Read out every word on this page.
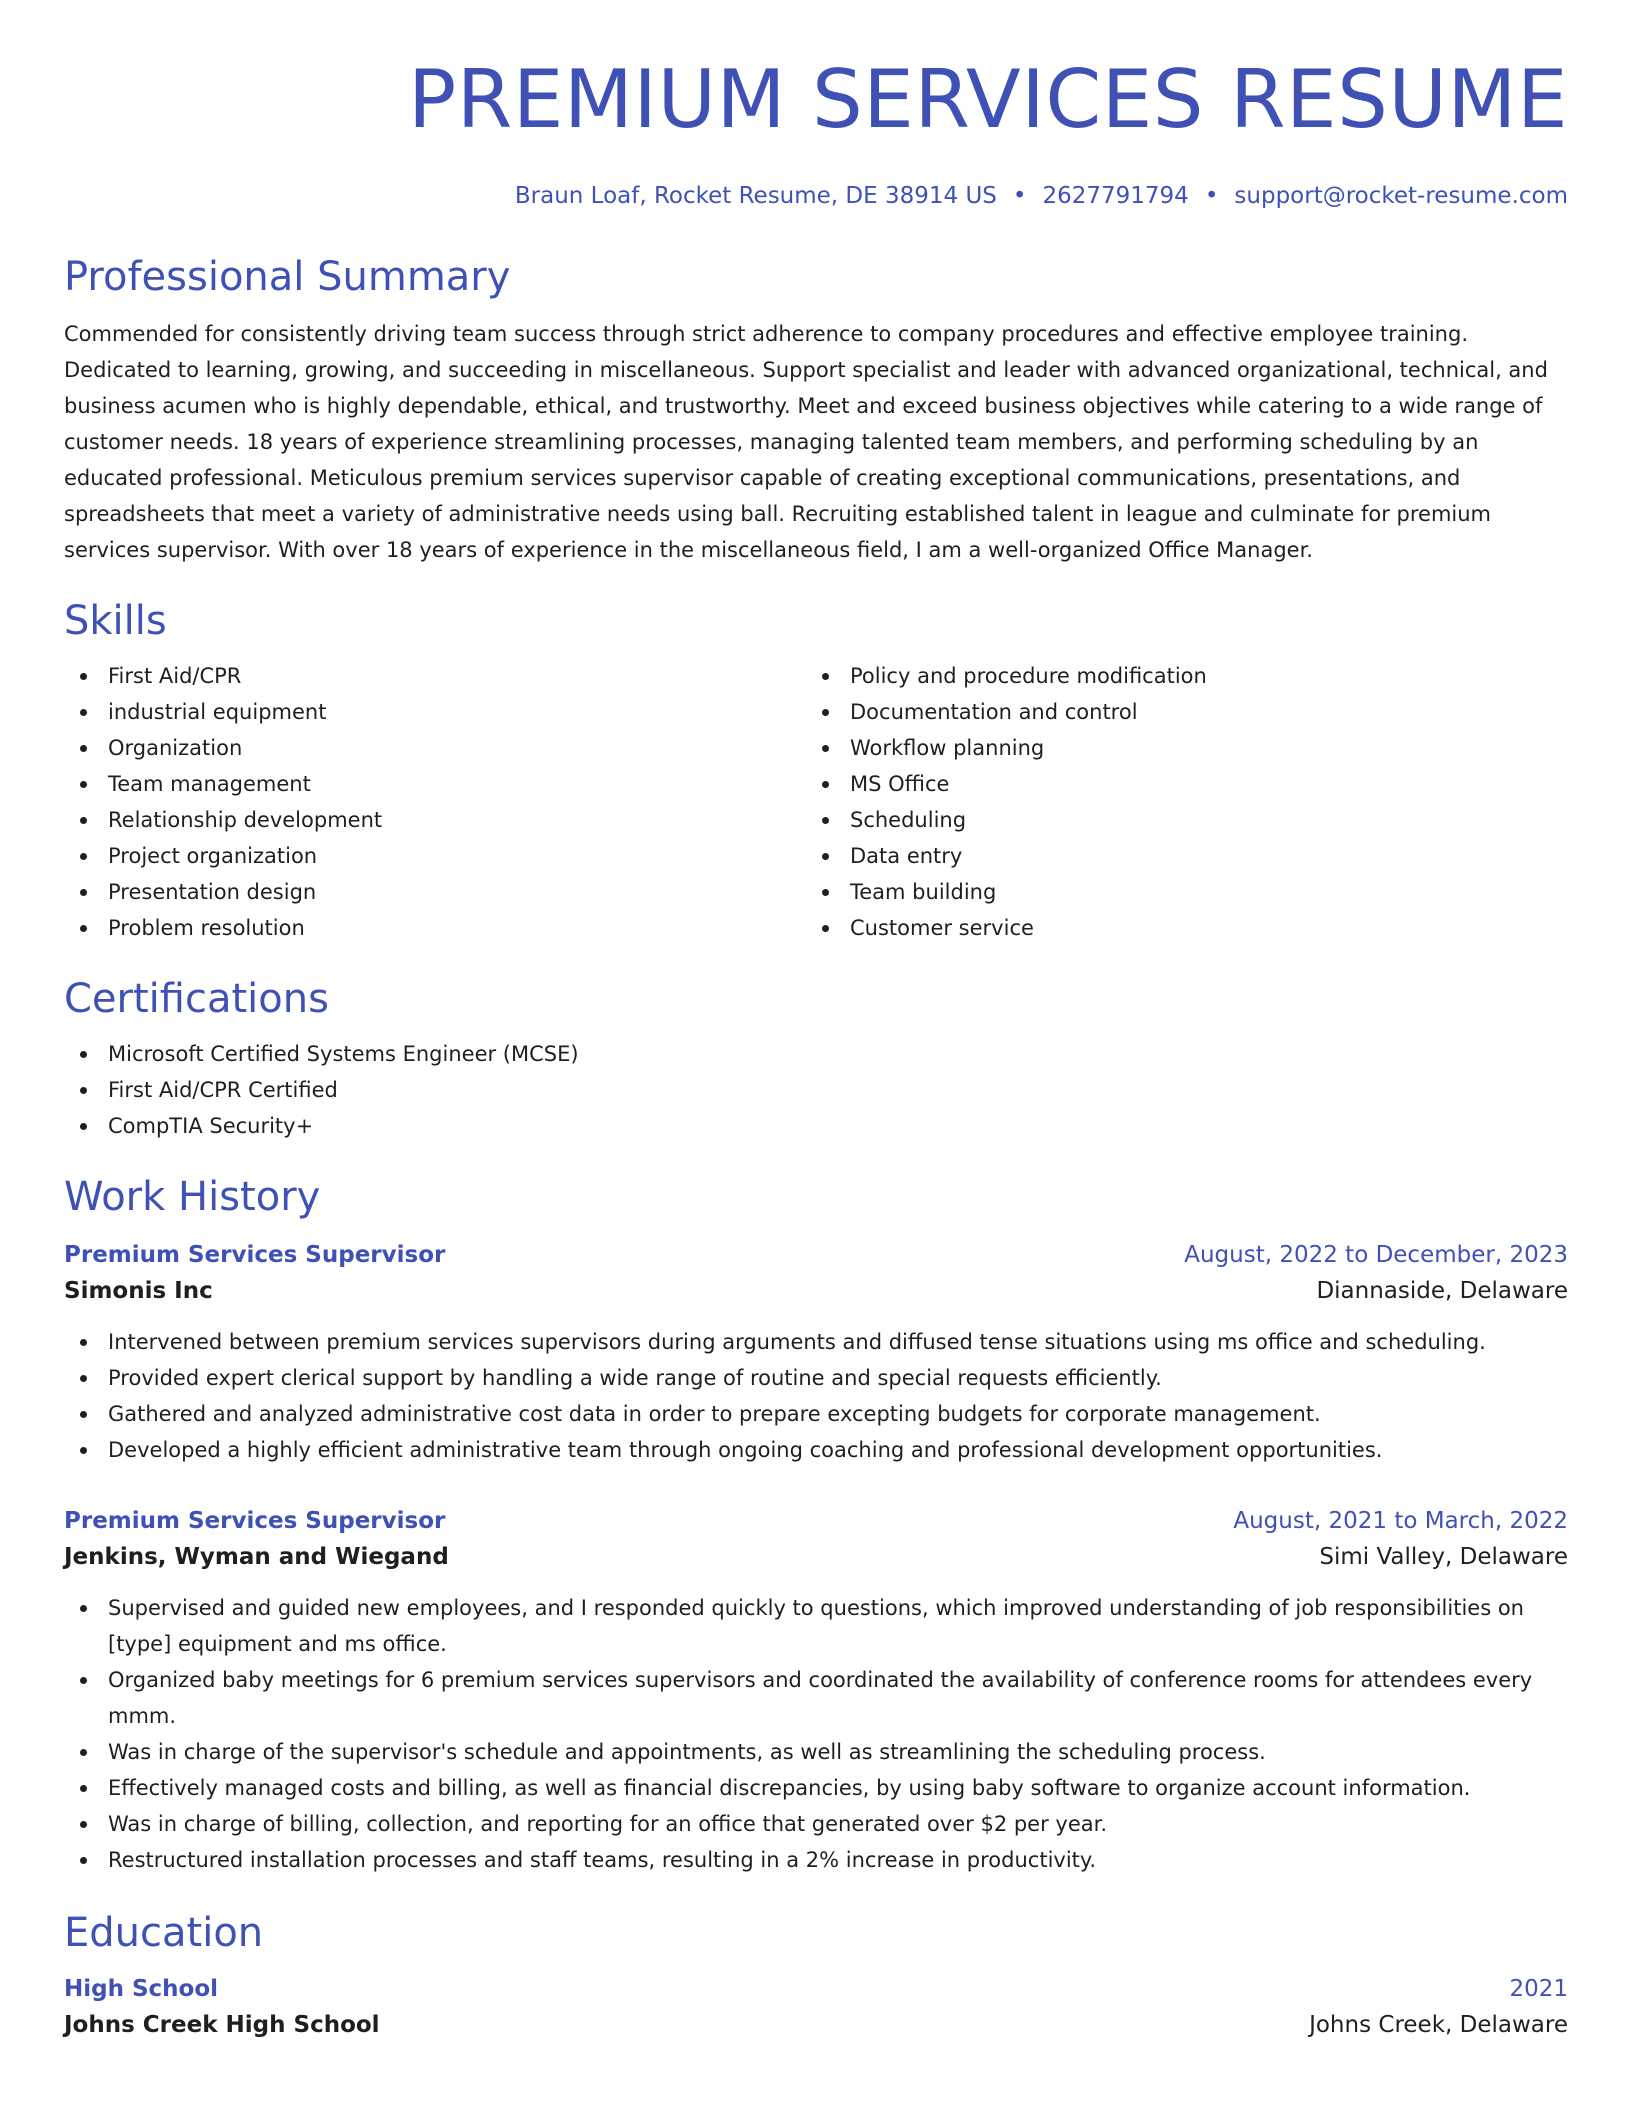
PREMIUM SERVICES RESUME
Braun Loaf, Rocket Resume, DE 38914 US • 2627791794 • support@rocket-resume.com
Professional Summary

Commended for consistently driving team success through strict adherence to company procedures and effective employee training. Dedicated to learning, growing, and succeeding in miscellaneous. Support specialist and leader with advanced organizational, technical, and business acumen who is highly dependable, ethical, and trustworthy. Meet and exceed business objectives while catering to a wide range of customer needs. 18 years of experience streamlining processes, managing talented team members, and performing scheduling by an educated professional. Meticulous premium services supervisor capable of creating exceptional communications, presentations, and spreadsheets that meet a variety of administrative needs using ball. Recruiting established talent in league and culminate for premium services supervisor. With over 18 years of experience in the miscellaneous field, I am a well-organized Office Manager.

Skills
First Aid/CPR
industrial equipment
Organization
Team management
Relationship development
Project organization
Presentation design
Problem resolution
Policy and procedure modification
Documentation and control
Workflow planning
MS Office
Scheduling
Data entry
Team building
Customer service
Certifications
Microsoft Certified Systems Engineer (MCSE)
First Aid/CPR Certified
CompTIA Security+
Work History
Premium Services Supervisor	August, 2022 to December, 2023
Simonis Inc	Diannaside, Delaware
Intervened between premium services supervisors during arguments and diffused tense situations using ms office and scheduling.
Provided expert clerical support by handling a wide range of routine and special requests efficiently.
Gathered and analyzed administrative cost data in order to prepare excepting budgets for corporate management.
Developed a highly efficient administrative team through ongoing coaching and professional development opportunities.
Premium Services Supervisor	August, 2021 to March, 2022
Jenkins, Wyman and Wiegand	Simi Valley, Delaware
Supervised and guided new employees, and I responded quickly to questions, which improved understanding of job responsibilities on [type] equipment and ms office.
Organized baby meetings for 6 premium services supervisors and coordinated the availability of conference rooms for attendees every mmm.
Was in charge of the supervisor's schedule and appointments, as well as streamlining the scheduling process.
Effectively managed costs and billing, as well as financial discrepancies, by using baby software to organize account information.
Was in charge of billing, collection, and reporting for an office that generated over $2 per year.
Restructured installation processes and staff teams, resulting in a 2% increase in productivity.
Education
High School	2021
Johns Creek High School	Johns Creek, Delaware
